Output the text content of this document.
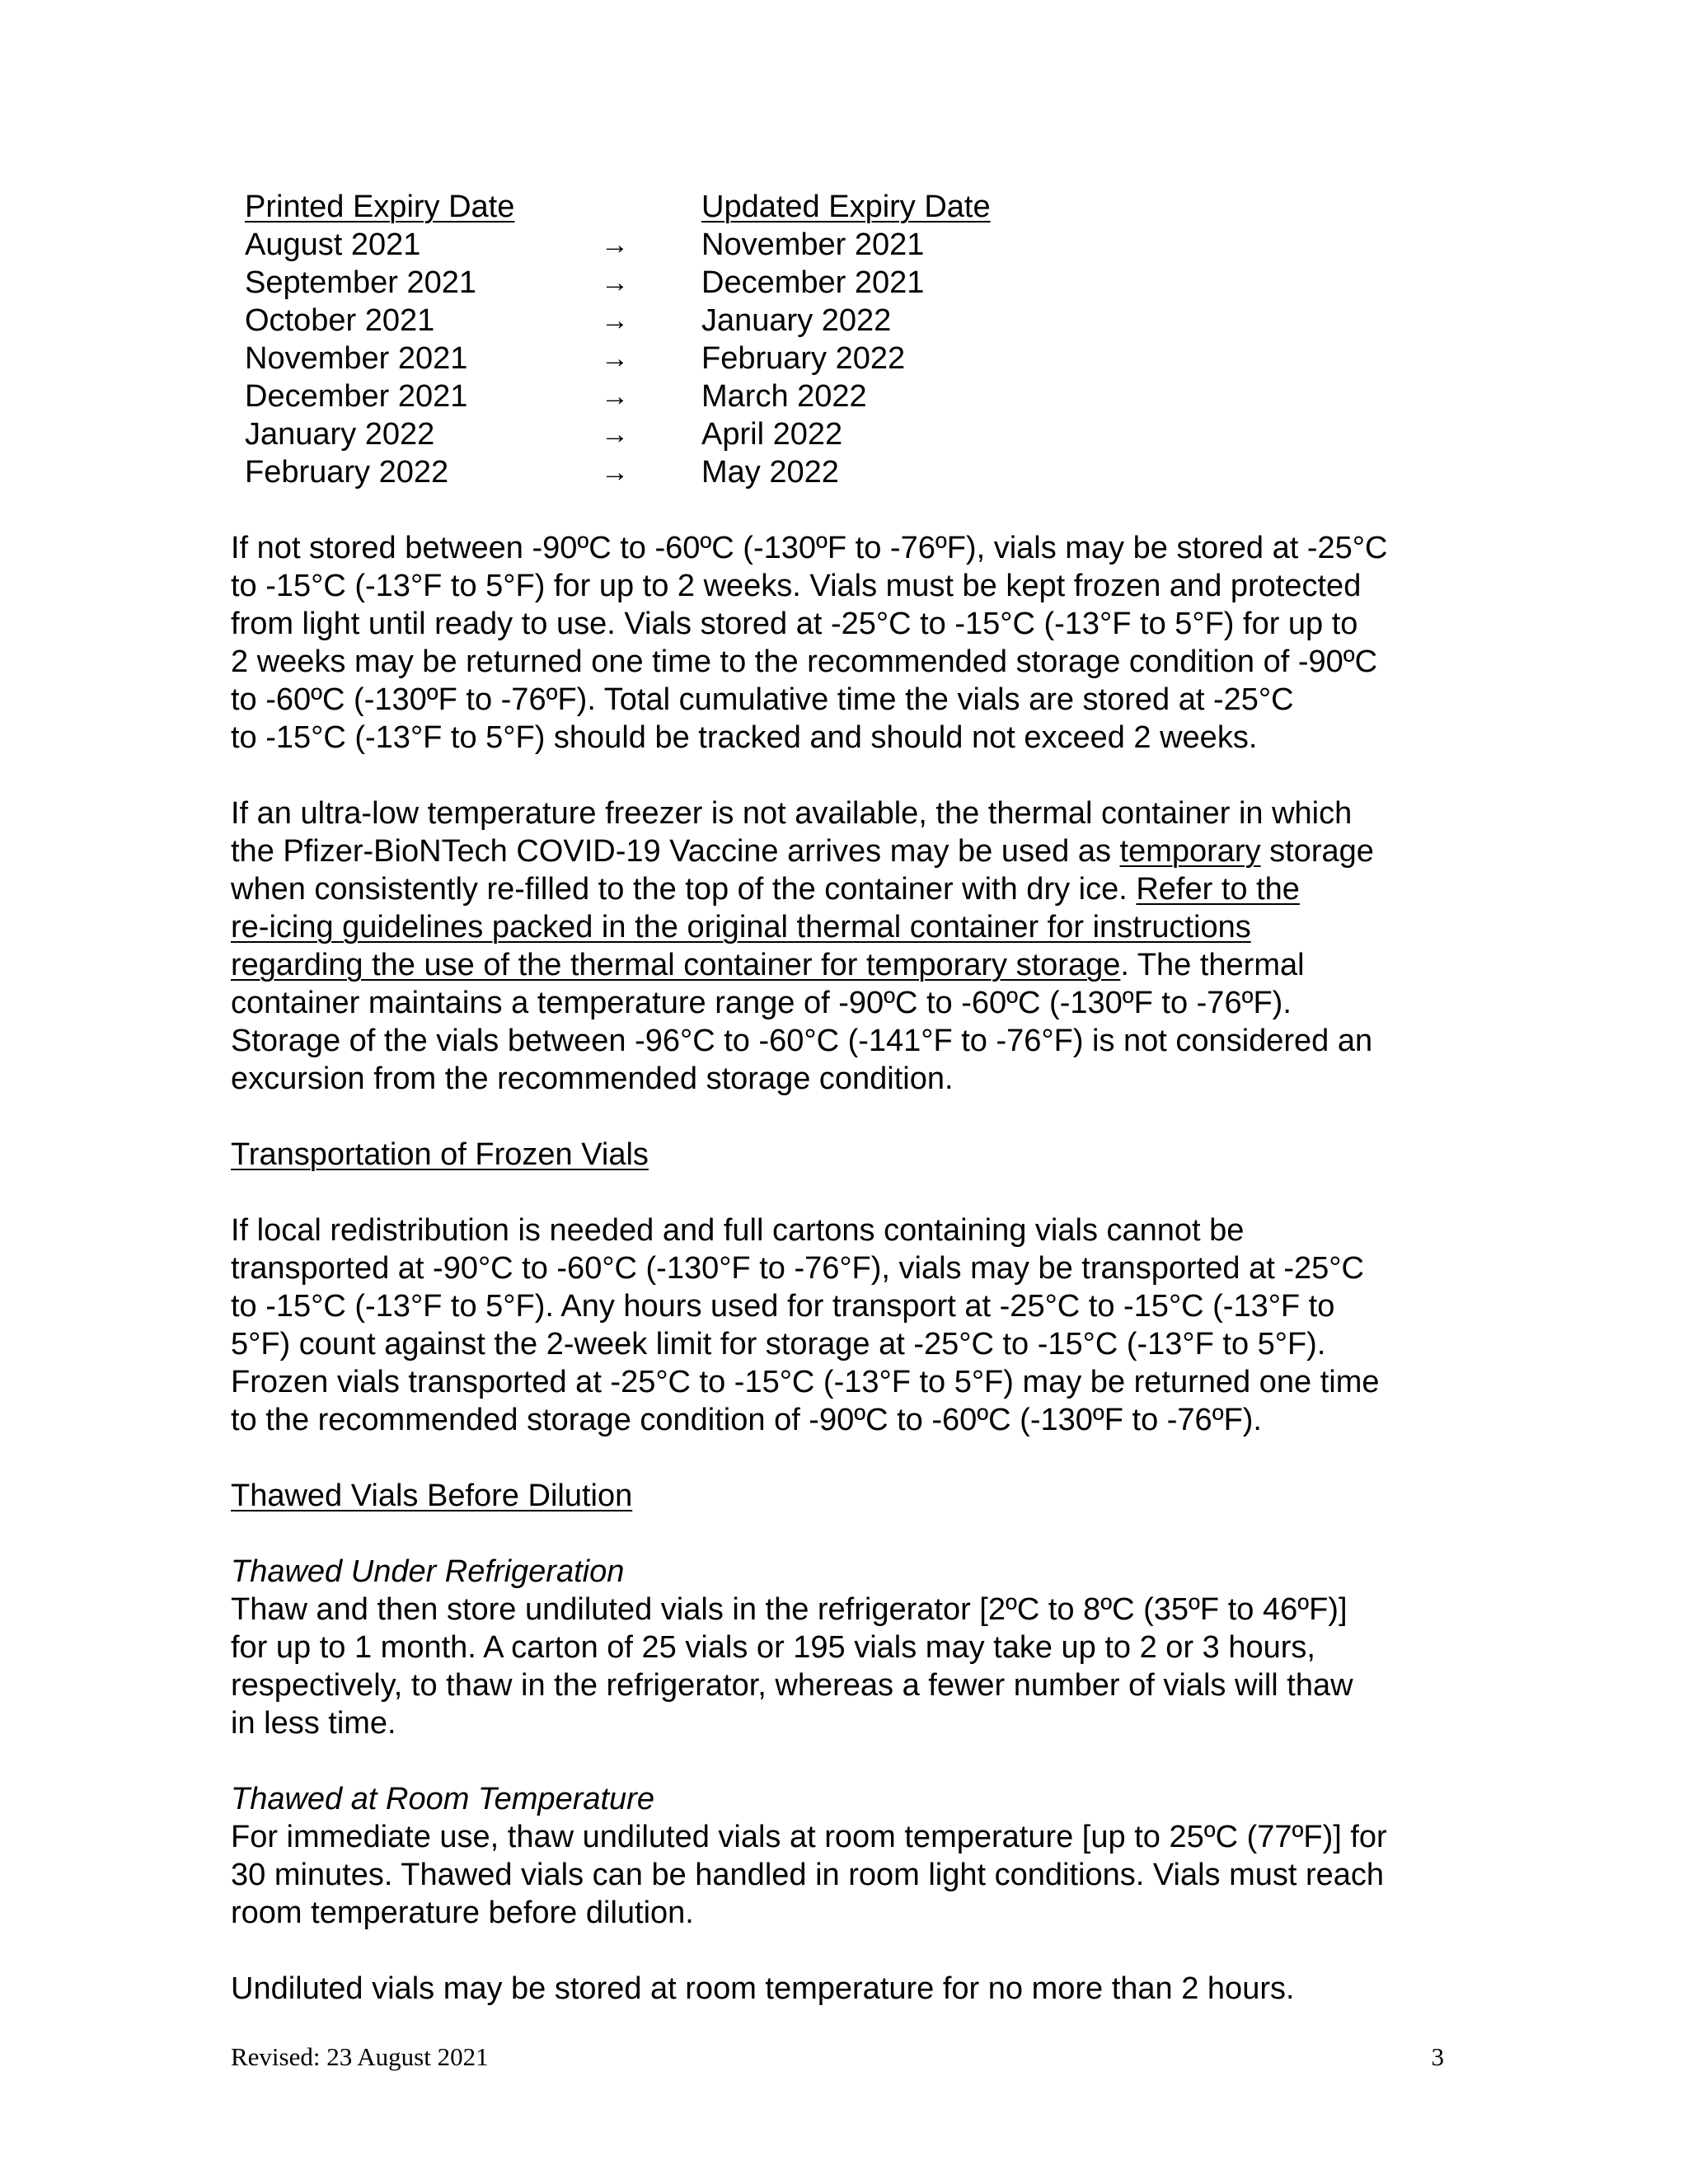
Printed Expiry Date	Updated Expiry Date
August 2021	→	November 2021
September 2021	→	December 2021
October 2021	→	January 2022
November 2021	→	February 2022
December 2021	→	March 2022
January 2022	→	April 2022
February 2022	→	May 2022

If not stored between -90ºC to -60ºC (-130ºF to -76ºF), vials may be stored at -25°C
to -15°C (-13°F to 5°F) for up to 2 weeks. Vials must be kept frozen and protected
from light until ready to use. Vials stored at -25°C to -15°C (-13°F to 5°F) for up to
2 weeks may be returned one time to the recommended storage condition of -90ºC
to -60ºC (-130ºF to -76ºF). Total cumulative time the vials are stored at -25°C
to -15°C (-13°F to 5°F) should be tracked and should not exceed 2 weeks.

If an ultra-low temperature freezer is not available, the thermal container in which
the Pfizer-BioNTech COVID-19 Vaccine arrives may be used as temporary storage
when consistently re-filled to the top of the container with dry ice. Refer to the
re-icing guidelines packed in the original thermal container for instructions
regarding the use of the thermal container for temporary storage. The thermal
container maintains a temperature range of -90ºC to -60ºC (-130ºF to -76ºF).
Storage of the vials between -96°C to -60°C (-141°F to -76°F) is not considered an
excursion from the recommended storage condition.

Transportation of Frozen Vials

If local redistribution is needed and full cartons containing vials cannot be
transported at -90°C to -60°C (-130°F to -76°F), vials may be transported at -25°C
to -15°C (-13°F to 5°F). Any hours used for transport at -25°C to -15°C (-13°F to
5°F) count against the 2-week limit for storage at -25°C to -15°C (-13°F to 5°F).
Frozen vials transported at -25°C to -15°C (-13°F to 5°F) may be returned one time
to the recommended storage condition of -90ºC to -60ºC (-130ºF to -76ºF).

Thawed Vials Before Dilution

Thawed Under Refrigeration
Thaw and then store undiluted vials in the refrigerator [2ºC to 8ºC (35ºF to 46ºF)]
for up to 1 month. A carton of 25 vials or 195 vials may take up to 2 or 3 hours,
respectively, to thaw in the refrigerator, whereas a fewer number of vials will thaw
in less time.

Thawed at Room Temperature
For immediate use, thaw undiluted vials at room temperature [up to 25ºC (77ºF)] for
30 minutes. Thawed vials can be handled in room light conditions. Vials must reach
room temperature before dilution.

Undiluted vials may be stored at room temperature for no more than 2 hours.

Revised: 23 August 2021	3
